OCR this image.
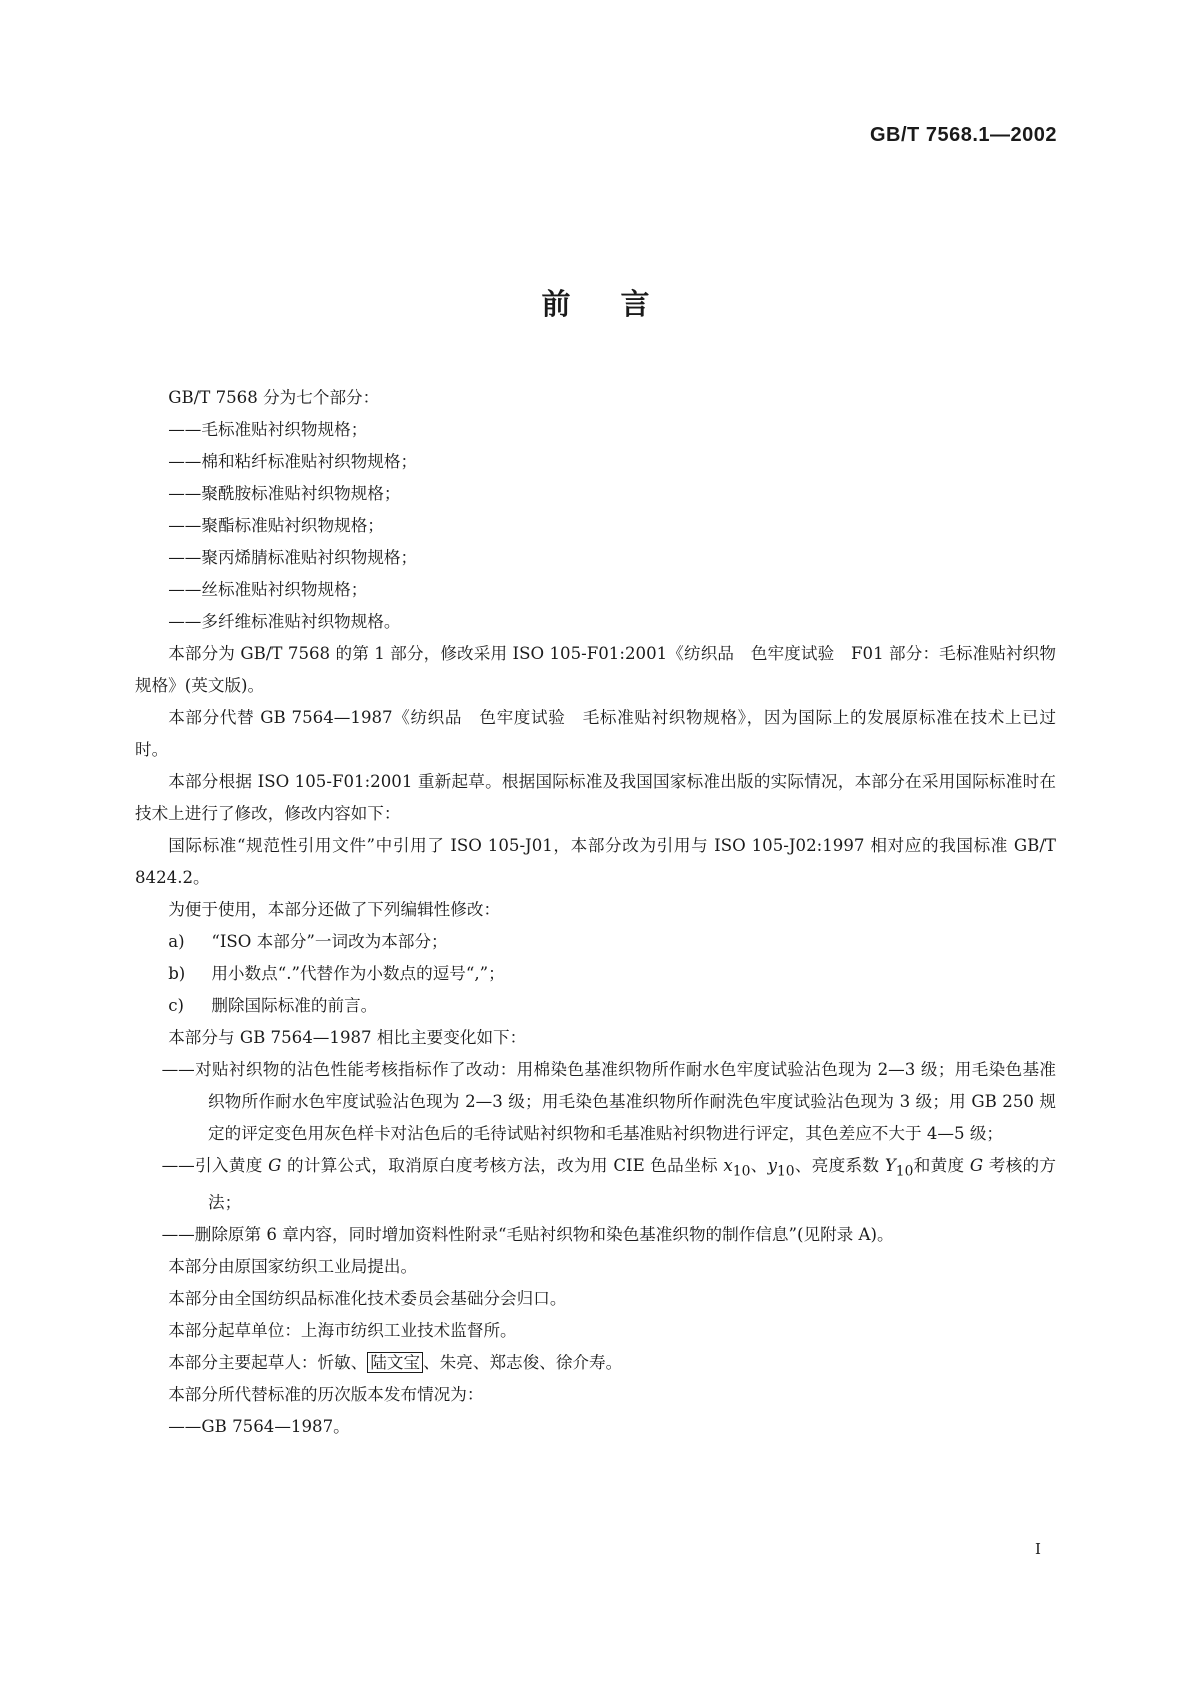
GB/T 7568.1—2002

前 言

GB/T 7568 分为七个部分：

——毛标准贴衬织物规格；

——棉和粘纤标准贴衬织物规格；

——聚酰胺标准贴衬织物规格；

——聚酯标准贴衬织物规格；

——聚丙烯腈标准贴衬织物规格；

——丝标准贴衬织物规格；

——多纤维标准贴衬织物规格。

本部分为 GB/T 7568 的第 1 部分，修改采用 ISO 105-F01:2001《纺织品　色牢度试验　F01 部分：毛标准贴衬织物规格》(英文版)。

本部分代替 GB 7564—1987《纺织品　色牢度试验　毛标准贴衬织物规格》，因为国际上的发展原标准在技术上已过时。

本部分根据 ISO 105-F01:2001 重新起草。根据国际标准及我国国家标准出版的实际情况，本部分在采用国际标准时在技术上进行了修改，修改内容如下：

国际标准“规范性引用文件”中引用了 ISO 105-J01，本部分改为引用与 ISO 105-J02:1997 相对应的我国标准 GB/T 8424.2。

为便于使用，本部分还做了下列编辑性修改：

a) “ISO 本部分”一词改为本部分；

b) 用小数点“.”代替作为小数点的逗号“,”；

c) 删除国际标准的前言。

本部分与 GB 7564—1987 相比主要变化如下：

——对贴衬织物的沾色性能考核指标作了改动：用棉染色基准织物所作耐水色牢度试验沾色现为 2—3 级；用毛染色基准织物所作耐水色牢度试验沾色现为 2—3 级；用毛染色基准织物所作耐洗色牢度试验沾色现为 3 级；用 GB 250 规定的评定变色用灰色样卡对沾色后的毛待试贴衬织物和毛基准贴衬织物进行评定，其色差应不大于 4—5 级；

——引入黄度 G 的计算公式，取消原白度考核方法，改为用 CIE 色品坐标 $x_{10}$、$y_{10}$、亮度系数 $Y_{10}$和黄度 G 考核的方法；

——删除原第 6 章内容，同时增加资料性附录“毛贴衬织物和染色基准织物的制作信息”(见附录 A)。

本部分由原国家纺织工业局提出。

本部分由全国纺织品标准化技术委员会基础分会归口。

本部分起草单位：上海市纺织工业技术监督所。

本部分主要起草人：忻敏、 陆文宝 、朱亮、郑志俊、徐介寿。

本部分所代替标准的历次版本发布情况为：

——GB 7564—1987。

I
